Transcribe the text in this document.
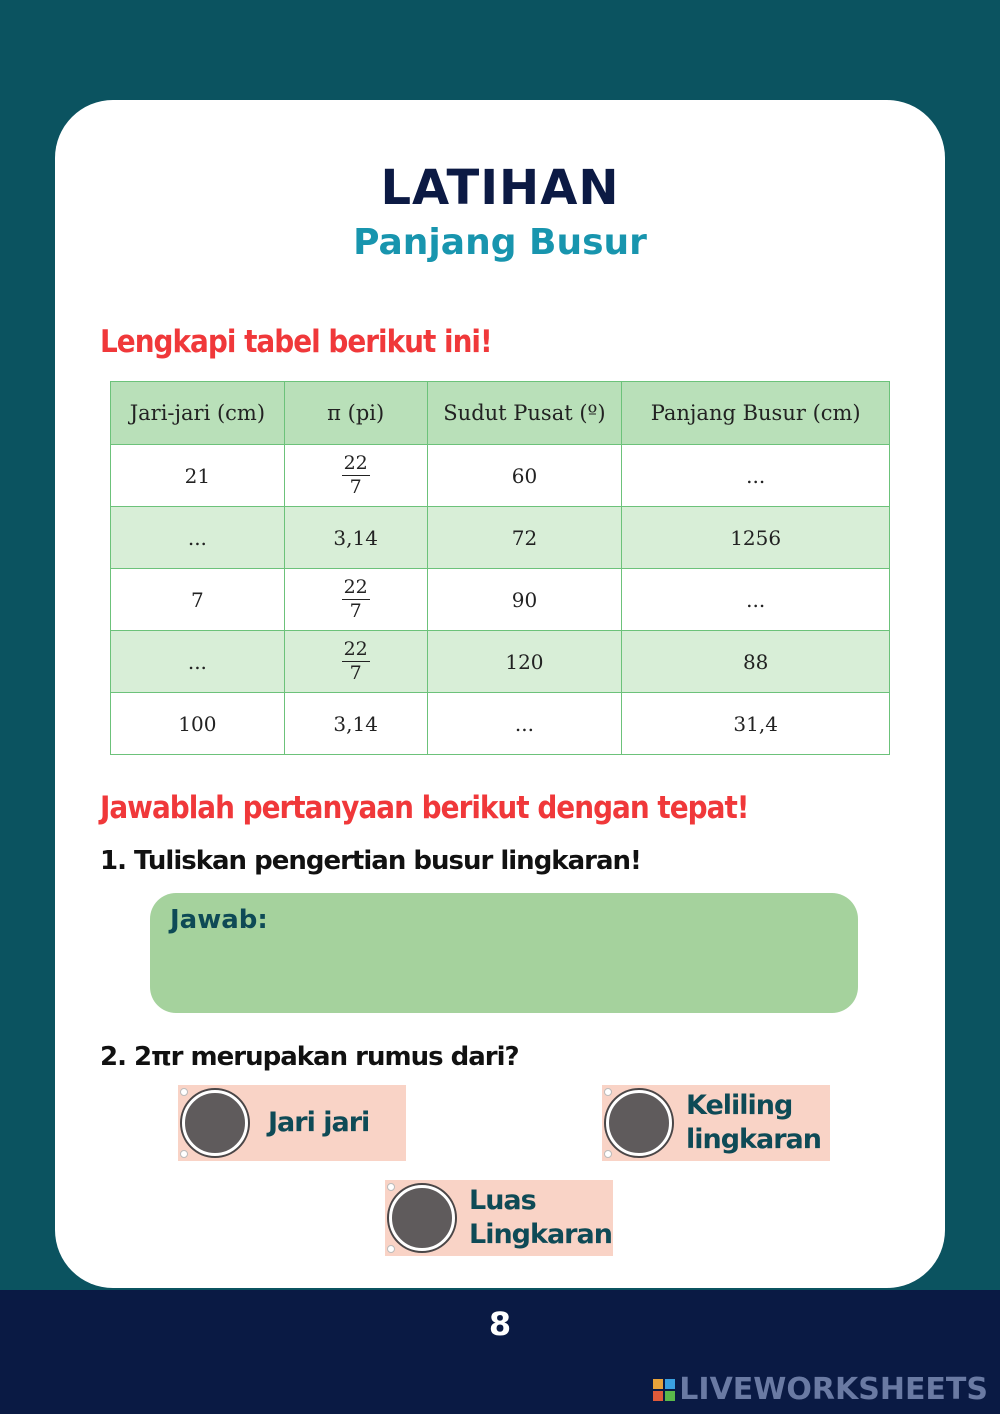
LATIHAN
Panjang Busur
Lengkapi tabel berikut ini!
Jari-jari (cm)	π (pi)	Sudut Pusat (º)	Panjang Busur (cm)
21	$\frac{22}{7}$	60	...
...	3,14	72	1256
7	$\frac{22}{7}$	90	...
...	$\frac{22}{7}$	120	88
100	3,14	...	31,4
Jawablah pertanyaan berikut dengan tepat!
1. Tuliskan pengertian busur lingkaran!
Jawab:
2. 2πr merupakan rumus dari?
Jari jari
Keliling
lingkaran
Luas
Lingkaran
8
LIVEWORKSHEETS
